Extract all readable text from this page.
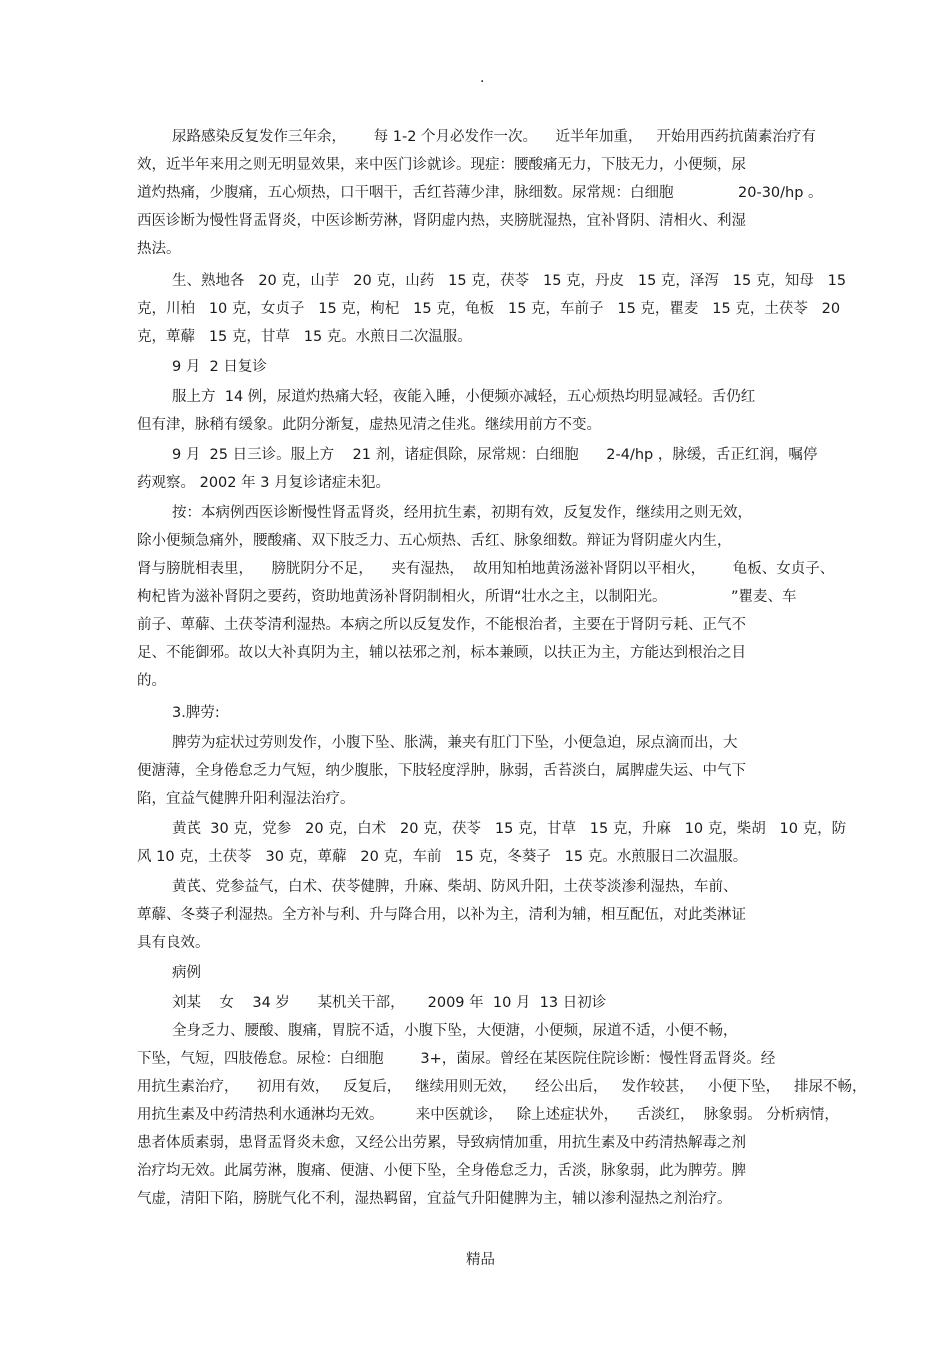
.
尿路感染反复发作三年余，      每 1-2 个月必发作一次。    近半年加重，   开始用西药抗菌素治疗有
效，近半年来用之则无明显效果，来中医门诊就诊。现症：腰酸痛无力，下肢无力，小便频，尿
道灼热痛，少腹痛，五心烦热，口干咽干，舌红苔薄少津，脉细数。尿常规：白细胞              20-30/hp 。
西医诊断为慢性肾盂肾炎，中医诊断劳淋，肾阴虚内热，夹膀胱湿热，宜补肾阴、清相火、利湿
热法。
生、熟地各   20 克，山芋   20 克，山药   15 克，茯苓   15 克，丹皮   15 克，泽泻   15 克，知母   15
克，川柏   10 克，女贞子   15 克，枸杞   15 克，龟板   15 克，车前子   15 克，瞿麦   15 克，土茯苓   20
克，萆薢   15 克，甘草   15 克。水煎日二次温服。
9 月  2 日复诊
服上方  14 例，尿道灼热痛大轻，夜能入睡，小便频亦减轻，五心烦热均明显减轻。舌仍红
但有津，脉稍有缓象。此阴分渐复，虚热见清之佳兆。继续用前方不变。
9 月  25 日三诊。服上方    21 剂，诸症俱除，尿常规：白细胞      2-4/hp ，脉缓，舌正红润，嘱停
药观察。 2002 年 3 月复诊诸症未犯。
按：本病例西医诊断慢性肾盂肾炎，经用抗生素，初期有效，反复发作，继续用之则无效，
除小便频急痛外，腰酸痛、双下肢乏力、五心烦热、舌红、脉象细数。辩证为肾阴虚火内生，
肾与膀胱相表里，    膀胱阴分不足，    夹有湿热，  故用知柏地黄汤滋补肾阴以平相火，      龟板、女贞子、
枸杞皆为滋补肾阴之要药，资助地黄汤补肾阴制相火，所谓“壮水之主，以制阳光。              ”瞿麦、车
前子、萆薢、土茯苓清利湿热。本病之所以反复发作，不能根治者，主要在于肾阴亏耗、正气不
足、不能御邪。故以大补真阴为主，辅以祛邪之剂，标本兼顾，以扶正为主，方能达到根治之目
的。
3.脾劳:
脾劳为症状过劳则发作，小腹下坠、胀满，兼夹有肛门下坠，小便急迫，尿点滴而出，大
便溏薄，全身倦怠乏力气短，纳少腹胀，下肢轻度浮肿，脉弱，舌苔淡白，属脾虚失运、中气下
陷，宜益气健脾升阳利湿法治疗。
黄芪  30 克，党参   20 克，白术   20 克，茯苓   15 克，甘草   15 克，升麻   10 克，柴胡   10 克，防
风 10 克，土茯苓   30 克，萆薢   20 克，车前   15 克，冬葵子   15 克。水煎服日二次温服。
黄芪、党参益气，白术、茯苓健脾，升麻、柴胡、防风升阳，土茯苓淡渗利湿热，车前、
萆薢、冬葵子利湿热。全方补与利、升与降合用，以补为主，清利为辅，相互配伍，对此类淋证
具有良效。
病例
刘某    女    34 岁      某机关干部，     2009 年  10 月  13 日初诊
全身乏力、腰酸、腹痛，胃脘不适，小腹下坠，大便溏，小便频，尿道不适，小便不畅，
下坠，气短，四肢倦怠。尿检：白细胞        3+，菌尿。曾经在某医院住院诊断：慢性肾盂肾炎。经
用抗生素治疗，    初用有效，   反复后，   继续用则无效，    经公出后，   发作较甚，   小便下坠，   排尿不畅，
用抗生素及中药清热利水通淋均无效。       来中医就诊，   除上述症状外，    舌淡红，  脉象弱。 分析病情，
患者体质素弱，患肾盂肾炎未愈，又经公出劳累，导致病情加重，用抗生素及中药清热解毒之剂
治疗均无效。此属劳淋，腹痛、便溏、小便下坠，全身倦怠乏力，舌淡，脉象弱，此为脾劳。脾
气虚，清阳下陷，膀胱气化不利，湿热羁留，宜益气升阳健脾为主，辅以渗利湿热之剂治疗。
精品
